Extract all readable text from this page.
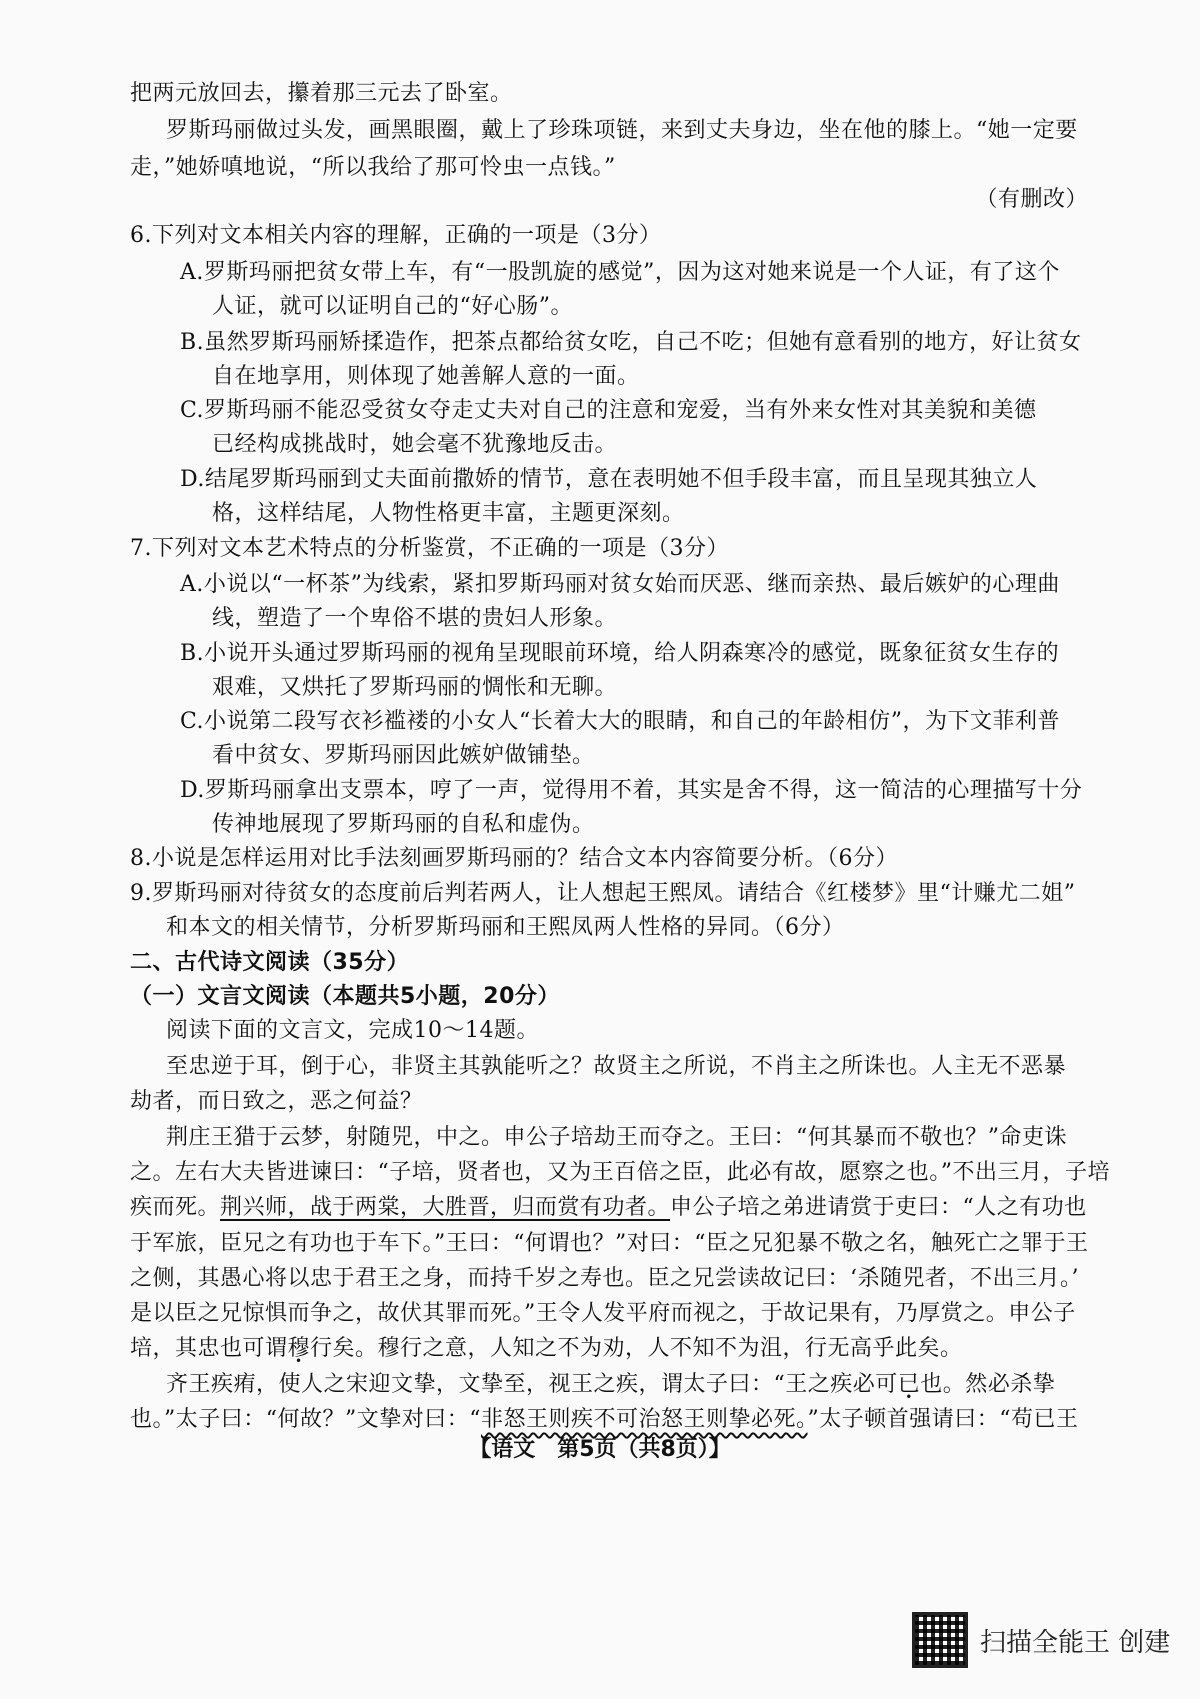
把两元放回去，攥着那三元去了卧室。
罗斯玛丽做过头发，画黑眼圈，戴上了珍珠项链，来到丈夫身边，坐在他的膝上。“她一定要
走，”她娇嗔地说，“所以我给了那可怜虫一点钱。”
（有删改）
6.下列对文本相关内容的理解，正确的一项是（3分）
A.罗斯玛丽把贫女带上车，有“一股凯旋的感觉”，因为这对她来说是一个人证，有了这个
人证，就可以证明自己的“好心肠”。
B.虽然罗斯玛丽矫揉造作，把茶点都给贫女吃，自己不吃；但她有意看别的地方，好让贫女
自在地享用，则体现了她善解人意的一面。
C.罗斯玛丽不能忍受贫女夺走丈夫对自己的注意和宠爱，当有外来女性对其美貌和美德
已经构成挑战时，她会毫不犹豫地反击。
D.结尾罗斯玛丽到丈夫面前撒娇的情节，意在表明她不但手段丰富，而且呈现其独立人
格，这样结尾，人物性格更丰富，主题更深刻。
7.下列对文本艺术特点的分析鉴赏，不正确的一项是（3分）
A.小说以“一杯茶”为线索，紧扣罗斯玛丽对贫女始而厌恶、继而亲热、最后嫉妒的心理曲
线，塑造了一个卑俗不堪的贵妇人形象。
B.小说开头通过罗斯玛丽的视角呈现眼前环境，给人阴森寒冷的感觉，既象征贫女生存的
艰难，又烘托了罗斯玛丽的惆怅和无聊。
C.小说第二段写衣衫褴褛的小女人“长着大大的眼睛，和自己的年龄相仿”，为下文菲利普
看中贫女、罗斯玛丽因此嫉妒做铺垫。
D.罗斯玛丽拿出支票本，哼了一声，觉得用不着，其实是舍不得，这一简洁的心理描写十分
传神地展现了罗斯玛丽的自私和虚伪。
8.小说是怎样运用对比手法刻画罗斯玛丽的？结合文本内容简要分析。（6分）
9.罗斯玛丽对待贫女的态度前后判若两人，让人想起王熙凤。请结合《红楼梦》里“计赚尤二姐”
和本文的相关情节，分析罗斯玛丽和王熙凤两人性格的异同。（6分）
二、古代诗文阅读（35分）
（一）文言文阅读（本题共5小题，20分）
阅读下面的文言文，完成10～14题。
至忠逆于耳，倒于心，非贤主其孰能听之？故贤主之所说，不肖主之所诛也。人主无不恶暴
劫者，而日致之，恶之何益？
荆庄王猎于云梦，射随兕，中之。申公子培劫王而夺之。王曰：“何其暴而不敬也？”命吏诛
之。左右大夫皆进谏曰：“子培，贤者也，又为王百倍之臣，此必有故，愿察之也。”不出三月，子培
疾而死。荆兴师，战于两棠，大胜晋，归而赏有功者。申公子培之弟进请赏于吏曰：“人之有功也
于军旅，臣兄之有功也于车下。”王曰：“何谓也？”对曰：“臣之兄犯暴不敬之名，触死亡之罪于王
之侧，其愚心将以忠于君王之身，而持千岁之寿也。臣之兄尝读故记曰：‘杀随兕者，不出三月。’
是以臣之兄惊惧而争之，故伏其罪而死。”王令人发平府而视之，于故记果有，乃厚赏之。申公子
培，其忠也可谓穆行矣。穆行之意，人知之不为劝，人不知不为沮，行无高乎此矣。
齐王疾痏，使人之宋迎文挚，文挚至，视王之疾，谓太子曰：“王之疾必可已也。然必杀挚
也。”太子曰：“何故？”文挚对曰：“非怒王则疾不可治怒王则挚必死。”太子顿首强请曰：“苟已王
【语文　第5页（共8页）】
扫描全能王 创建
